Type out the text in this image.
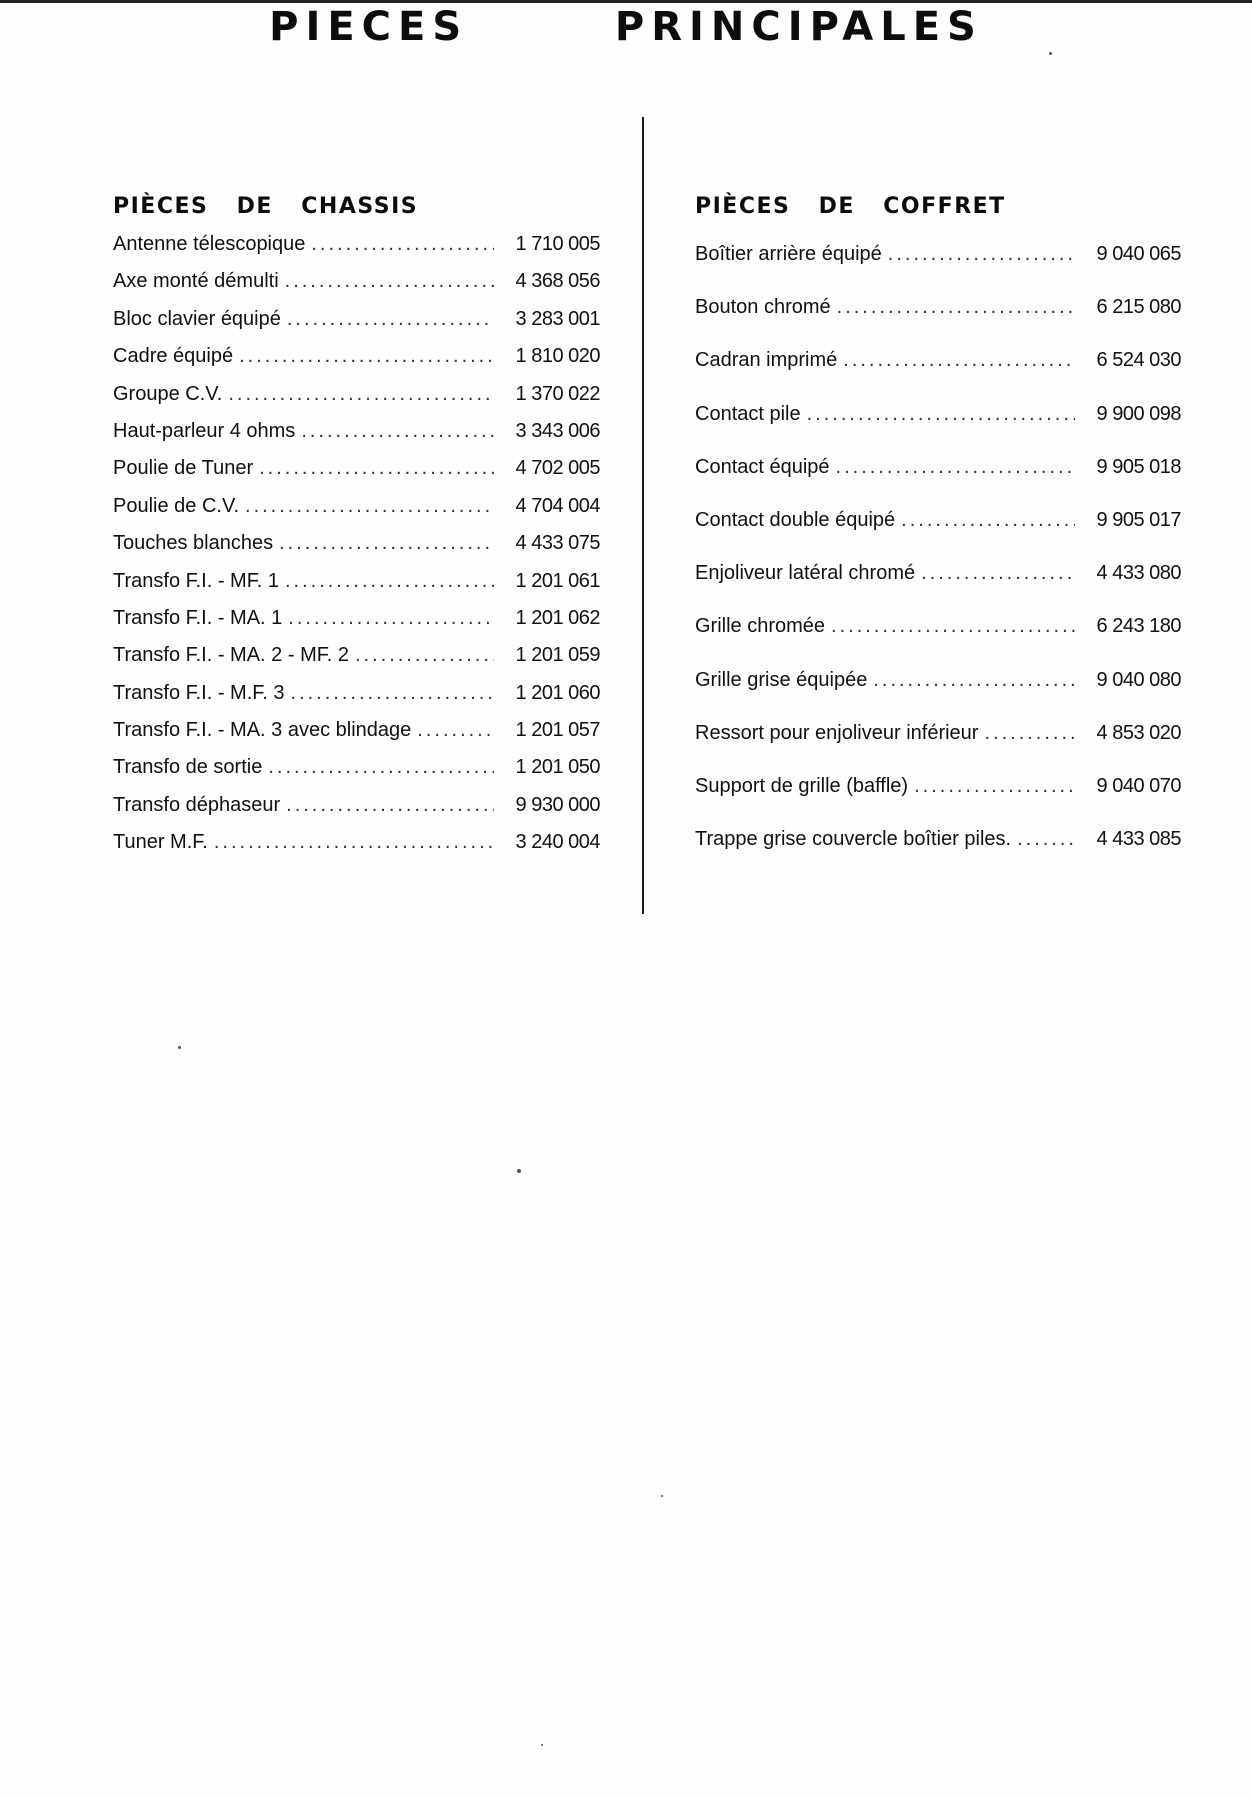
PIECES   PRINCIPALES
PIÈCES  DE  CHASSIS
Antenne télescopique .....	1 710 005
Axe monté démulti .....	4 368 056
Bloc clavier équipé .....	3 283 001
Cadre équipé .....	1 810 020
Groupe C.V. .....	1 370 022
Haut-parleur 4 ohms .....	3 343 006
Poulie de Tuner .....	4 702 005
Poulie de C.V. .....	4 704 004
Touches blanches .....	4 433 075
Transfo F.I. - MF. 1 .....	1 201 061
Transfo F.I. - MA. 1 .....	1 201 062
Transfo F.I. - MA. 2 - MF. 2 .....	1 201 059
Transfo F.I. - M.F. 3 .....	1 201 060
Transfo F.I. - MA. 3 avec blindage .....	1 201 057
Transfo de sortie .....	1 201 050
Transfo déphaseur .....	9 930 000
Tuner M.F. .....	3 240 004
PIÈCES  DE  COFFRET
Boîtier arrière équipé .....	9 040 065
Bouton chromé .....	6 215 080
Cadran imprimé .....	6 524 030
Contact pile .....	9 900 098
Contact équipé .....	9 905 018
Contact double équipé .....	9 905 017
Enjoliveur latéral chromé .....	4 433 080
Grille chromée .....	6 243 180
Grille grise équipée .....	9 040 080
Ressort pour enjoliveur inférieur .....	4 853 020
Support de grille (baffle) .....	9 040 070
Trappe grise couvercle boîtier piles. .....	4 433 085
